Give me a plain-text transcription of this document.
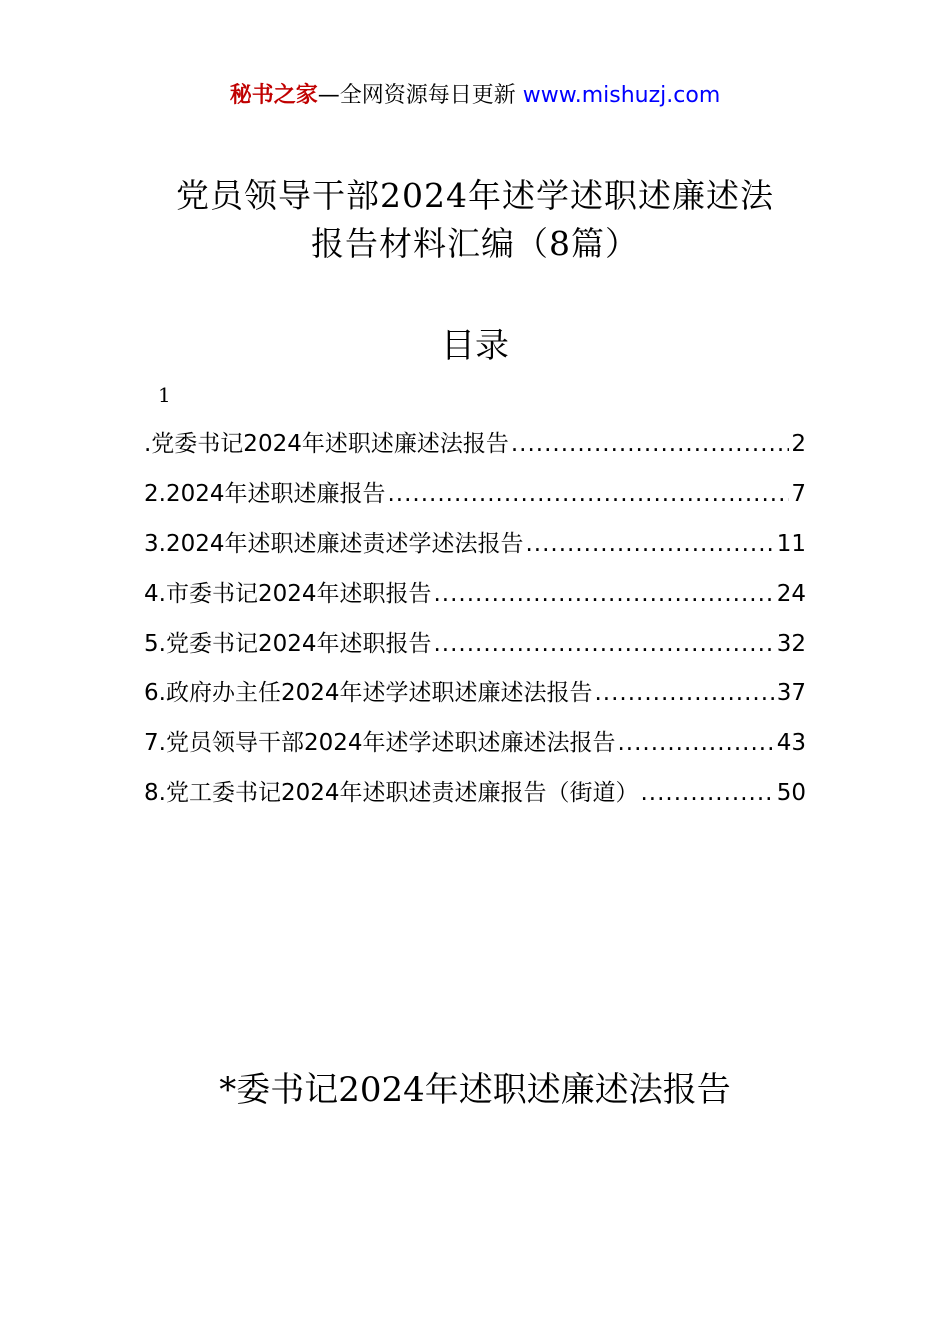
秘书之家—全网资源每日更新 www.mishuzj.com
党员领导干部2024年述学述职述廉述法
报告材料汇编（8篇）
目录
1
.党委书记2024年述职述廉述法报告 .....	2
2.2024年述职述廉报告 .....	7
3.2024年述职述廉述责述学述法报告 .....	11
4.市委书记2024年述职报告 .....	24
5.党委书记2024年述职报告 .....	32
6.政府办主任2024年述学述职述廉述法报告 .....	37
7.党员领导干部2024年述学述职述廉述法报告 .....	43
8.党工委书记2024年述职述责述廉报告（街道） .....	50
*委书记2024年述职述廉述法报告
